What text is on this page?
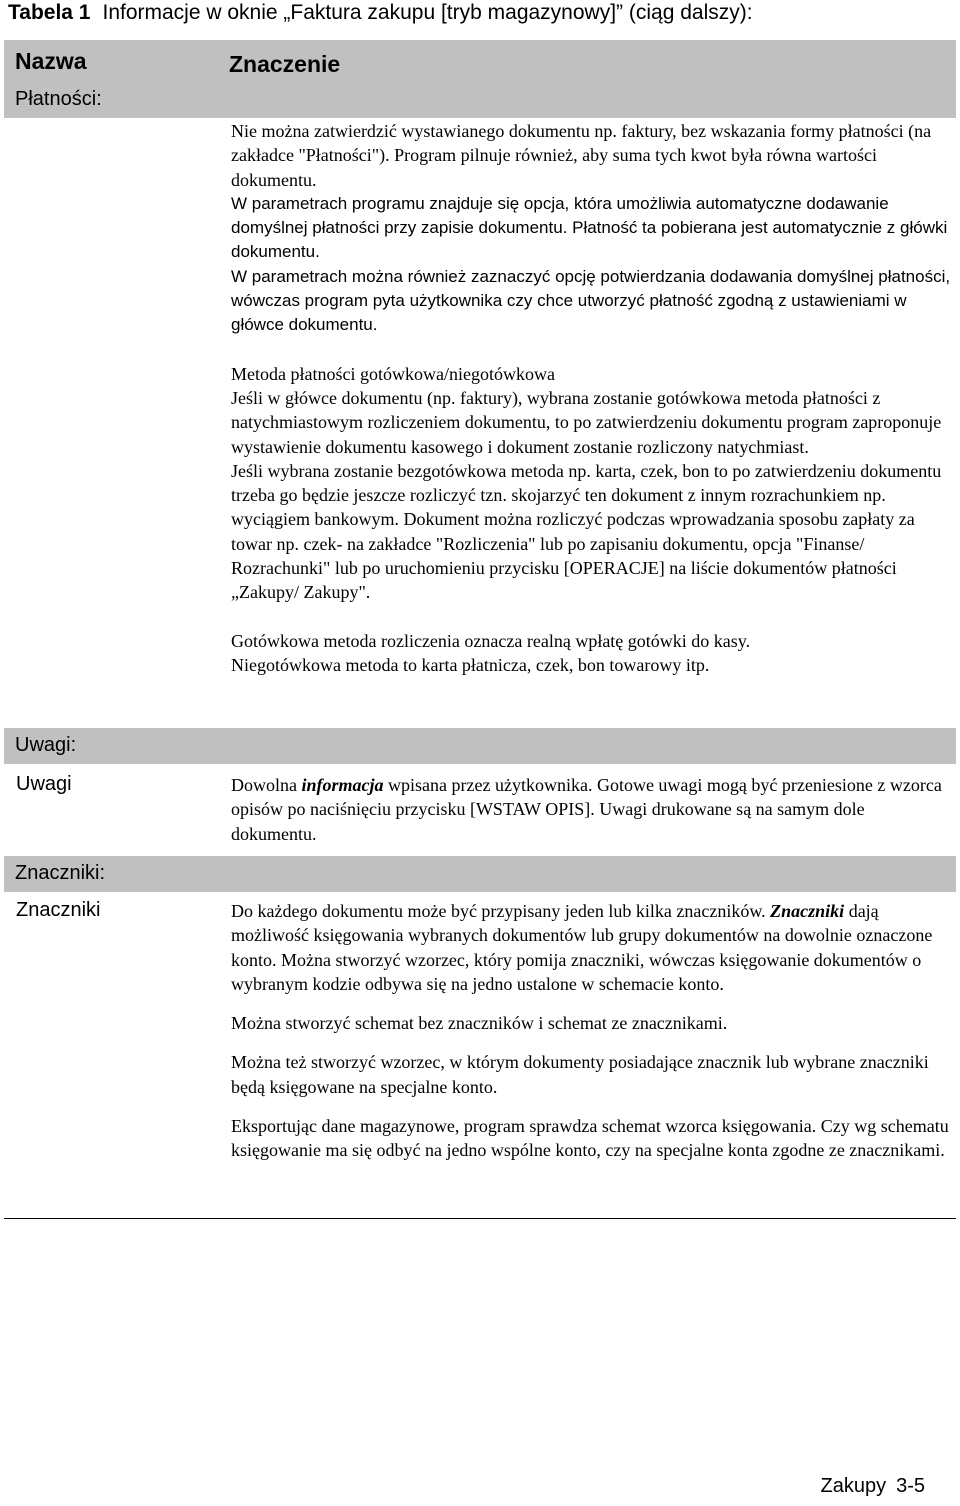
Tabela 1 Informacje w oknie „Faktura zakupu [tryb magazynowy]” (ciąg dalszy):
Nazwa	Znaczenie
Płatności:

Nie można zatwierdzić wystawianego dokumentu np. faktury, bez wskazania formy płatności (na zakładce "Płatności"). Program pilnuje również, aby suma tych kwot była równa wartości dokumentu.

W parametrach programu znajduje się opcja, która umożliwia automatyczne dodawanie domyślnej płatności przy zapisie dokumentu. Płatność ta pobierana jest automatycznie z główki dokumentu.

W parametrach można również zaznaczyć opcję potwierdzania dodawania domyślnej płatności, wówczas program pyta użytkownika czy chce utworzyć płatność zgodną z ustawieniami w główce dokumentu.

Metoda płatności gotówkowa/niegotówkowa

Jeśli w główce dokumentu (np. faktury), wybrana zostanie gotówkowa metoda płatności z natychmiastowym rozliczeniem dokumentu, to po zatwierdzeniu dokumentu program zaproponuje wystawienie dokumentu kasowego i dokument zostanie rozliczony natychmiast.

Jeśli wybrana zostanie bezgotówkowa metoda np. karta, czek, bon to po zatwierdzeniu dokumentu trzeba go będzie jeszcze rozliczyć tzn. skojarzyć ten dokument z innym rozrachunkiem np. wyciągiem bankowym. Dokument można rozliczyć podczas wprowadzania sposobu zapłaty za towar np. czek- na zakładce "Rozliczenia" lub po zapisaniu dokumentu, opcja "Finanse/ Rozrachunki" lub po uruchomieniu przycisku [OPERACJE] na liście dokumentów płatności „Zakupy/ Zakupy".

Gotówkowa metoda rozliczenia oznacza realną wpłatę gotówki do kasy.

Niegotówkowa metoda to karta płatnicza, czek, bon towarowy itp.

Uwagi:
Uwagi	Dowolna informacja wpisana przez użytkownika. Gotowe uwagi mogą być przeniesione z wzorca opisów po naciśnięciu przycisku [WSTAW OPIS]. Uwagi drukowane są na samym dole dokumentu.

Znaczniki:
Znaczniki	Do każdego dokumentu może być przypisany jeden lub kilka znaczników. Znaczniki dają możliwość księgowania wybranych dokumentów lub grupy dokumentów na dowolnie oznaczone konto. Można stworzyć wzorzec, który pomija znaczniki, wówczas księgowanie dokumentów o wybranym kodzie odbywa się na jedno ustalone w schemacie konto.

Można stworzyć schemat bez znaczników i schemat ze znacznikami.

Można też stworzyć wzorzec, w którym dokumenty posiadające znacznik lub wybrane znaczniki będą księgowane na specjalne konto.

Eksportując dane magazynowe, program sprawdza schemat wzorca księgowania. Czy wg schematu księgowanie ma się odbyć na jedno wspólne konto, czy na specjalne konta zgodne ze znacznikami.

Zakupy 3-5
